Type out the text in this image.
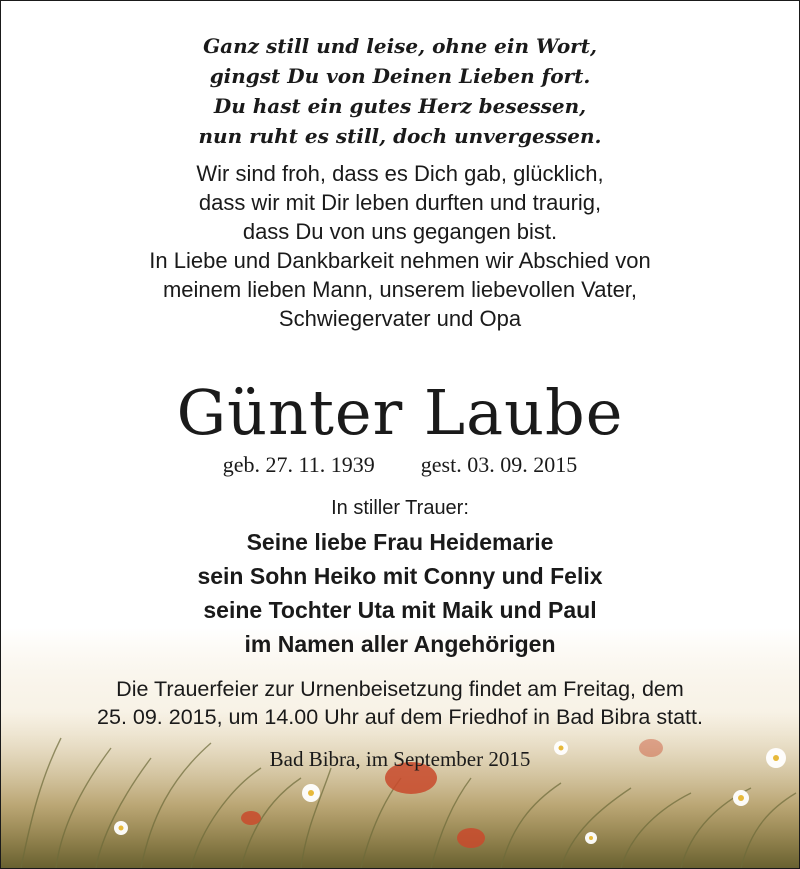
Ganz still und leise, ohne ein Wort,
gingst Du von Deinen Lieben fort.
Du hast ein gutes Herz besessen,
nun ruht es still, doch unvergessen.
Wir sind froh, dass es Dich gab, glücklich,
dass wir mit Dir leben durften und traurig,
dass Du von uns gegangen bist.
In Liebe und Dankbarkeit nehmen wir Abschied von
meinem lieben Mann, unserem liebevollen Vater,
Schwiegervater und Opa
Günter Laube
geb. 27. 11. 1939 gest. 03. 09. 2015
In stiller Trauer:
Seine liebe Frau Heidemarie
sein Sohn Heiko mit Conny und Felix
seine Tochter Uta mit Maik und Paul
im Namen aller Angehörigen
Die Trauerfeier zur Urnenbeisetzung findet am Freitag, dem
25. 09. 2015, um 14.00 Uhr auf dem Friedhof in Bad Bibra statt.
Bad Bibra, im September 2015
